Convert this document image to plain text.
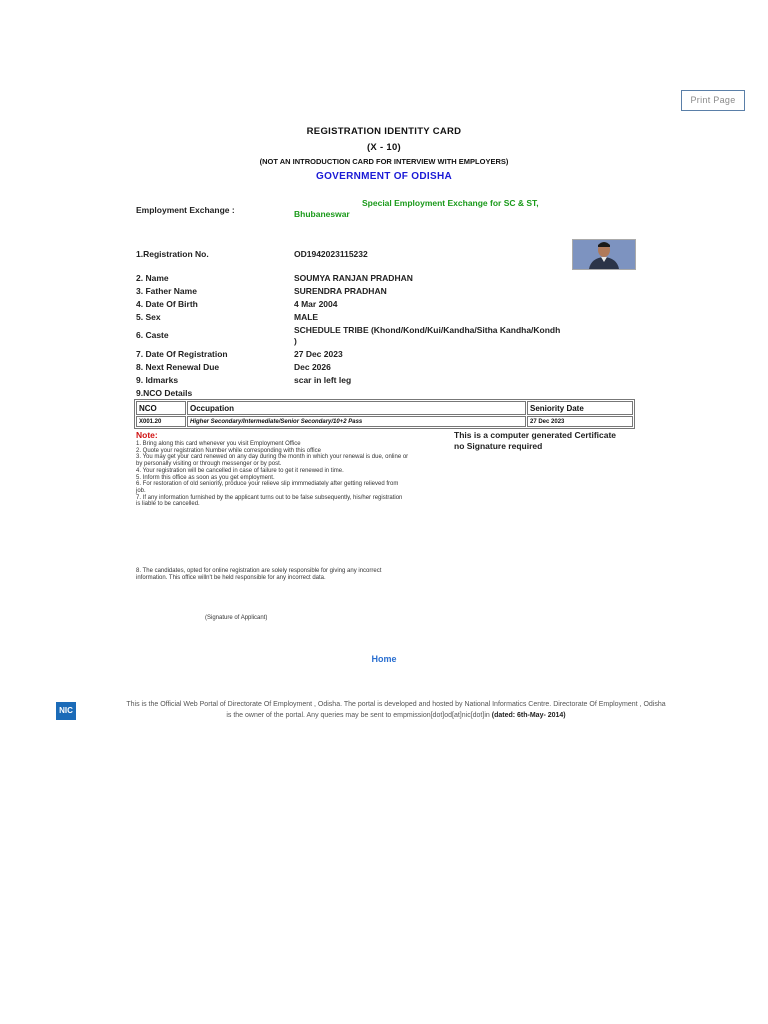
Print Page
REGISTRATION IDENTITY CARD
(X - 10)
(NOT AN INTRODUCTION CARD FOR INTERVIEW WITH EMPLOYERS)
GOVERNMENT OF ODISHA
Employment Exchange :
Special Employment Exchange for SC & ST,
Bhubaneswar
1.Registration No.	OD1942023115232
2. Name	SOUMYA RANJAN PRADHAN
3. Father Name	SURENDRA PRADHAN
4. Date Of Birth	4 Mar 2004
5. Sex	MALE
6. Caste	SCHEDULE TRIBE (Khond/Kond/Kui/Kandha/Sitha Kandha/Kondh
)
7. Date Of Registration	27 Dec 2023
8. Next Renewal Due	Dec 2026
9. Idmarks	scar in left leg
9.NCO Details
NCO	Occupation	Seniority Date
X001.20	Higher Secondary/Intermediate/Senior Secondary/10+2 Pass	27 Dec 2023
Note:
1. Bring along this card whenever you visit Employment Office
2. Quote your registration Number while corresponding with this office
3. You may get your card renewed on any day during the month in which your renewal is due, online or
by personally visiting or through messenger or by post.
4. Your registration will be cancelled in case of failure to get it renewed in time.
5. Inform this office as soon as you get employment.
6. For restoration of old seniority, produce your relieve slip immmediately after getting relieved from
job.
7. If any information furnished by the applicant turns out to be false subsequently, his/her registration
is liable to be cancelled.
This is a computer generated Certificate
no Signature required
8. The candidates, opted for online registration are solely responsible for giving any incorrect
information. This office willn't be held responsible for any incorrect data.
(Signature of Applicant)
Home
NIC
This is the Official Web Portal of Directorate Of Employment , Odisha. The portal is developed and hosted by National Informatics Centre. Directorate Of Employment , Odisha
is the owner of the portal. Any queries may be sent to empmission[dot]od[at]nic[dot]in (dated: 6th-May- 2014)
